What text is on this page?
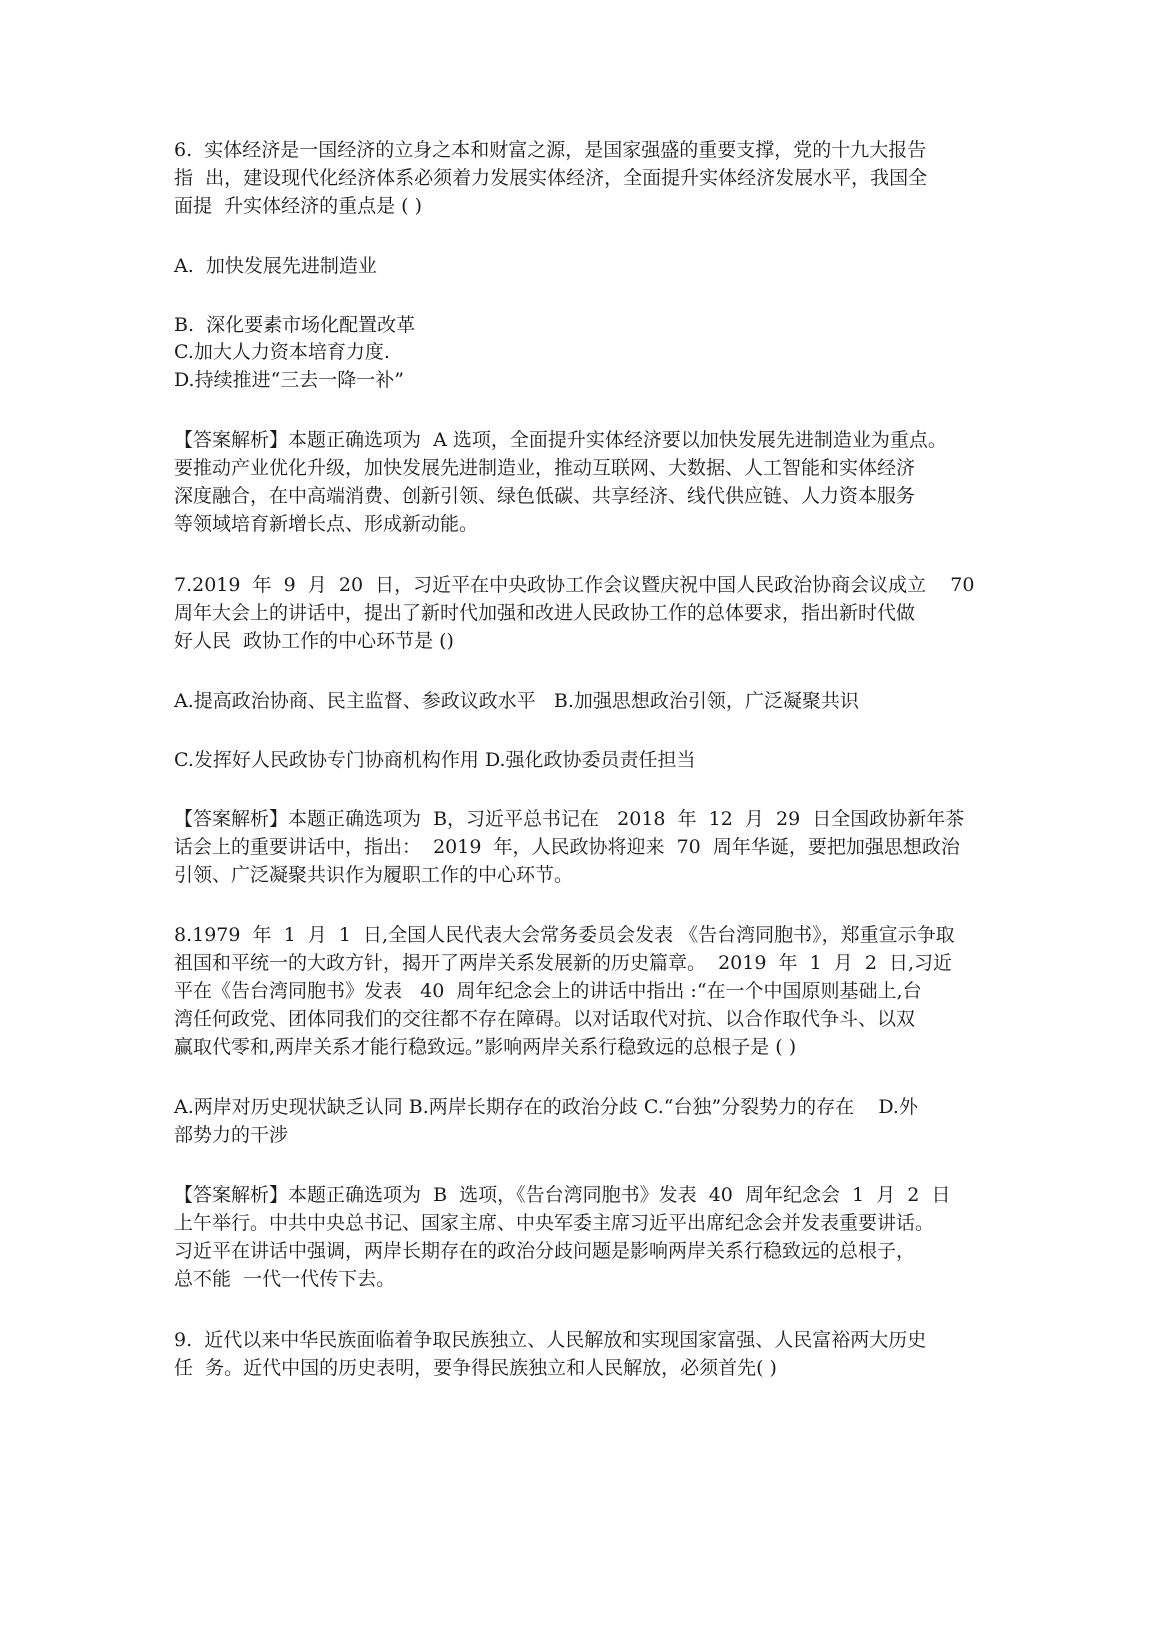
6.  实体经济是一国经济的立身之本和财富之源，是国家强盛的重要支撑，党的十九大报告
指  出，建设现代化经济体系必须着力发展实体经济，全面提升实体经济发展水平，我国全
面提  升实体经济的重点是 ( )
A.  加快发展先进制造业
B.  深化要素市场化配置改革
C.加大人力资本培育力度.
D.持续推进“三去一降一补”
【答案解析】本题正确选项为  A 选项，全面提升实体经济要以加快发展先进制造业为重点。
要推动产业优化升级，加快发展先进制造业，推动互联网、大数据、人工智能和实体经济
深度融合，在中高端消费、创新引领、绿色低碳、共享经济、线代供应链、人力资本服务
等领域培育新增长点、形成新动能。
7.2019  年  9  月  20  日，习近平在中央政协工作会议暨庆祝中国人民政治协商会议成立    70
周年大会上的讲话中，提出了新时代加强和改进人民政协工作的总体要求，指出新时代做
好人民  政协工作的中心环节是 ()
A.提高政治协商、民主监督、参政议政水平   B.加强思想政治引领，广泛凝聚共识
C.发挥好人民政协专门协商机构作用 D.强化政协委员责任担当
【答案解析】本题正确选项为  B，习近平总书记在   2018  年  12  月  29  日全国政协新年茶
话会上的重要讲话中，指出：  2019  年，人民政协将迎来  70  周年华诞，要把加强思想政治
引领、广泛凝聚共识作为履职工作的中心环节。
8.1979  年  1  月  1  日,全国人民代表大会常务委员会发表 《告台湾同胞书》，郑重宣示争取
祖国和平统一的大政方针，揭开了两岸关系发展新的历史篇章。  2019  年  1  月  2  日,习近
平在《告台湾同胞书》发表   40  周年纪念会上的讲话中指出 :“在一个中国原则基础上,台
湾任何政党、团体同我们的交往都不存在障碍。以对话取代对抗、以合作取代争斗、以双
赢取代零和,两岸关系才能行稳致远。”影响两岸关系行稳致远的总根子是 ( )
A.两岸对历史现状缺乏认同 B.两岸长期存在的政治分歧 C.“台独”分裂势力的存在    D.外
部势力的干涉
【答案解析】本题正确选项为  B  选项，《告台湾同胞书》发表  40  周年纪念会  1  月  2  日
上午举行。中共中央总书记、国家主席、中央军委主席习近平出席纪念会并发表重要讲话。
习近平在讲话中强调，两岸长期存在的政治分歧问题是影响两岸关系行稳致远的总根子，
总不能  一代一代传下去。
9.  近代以来中华民族面临着争取民族独立、人民解放和实现国家富强、人民富裕两大历史
任  务。近代中国的历史表明，要争得民族独立和人民解放，必须首先( )
